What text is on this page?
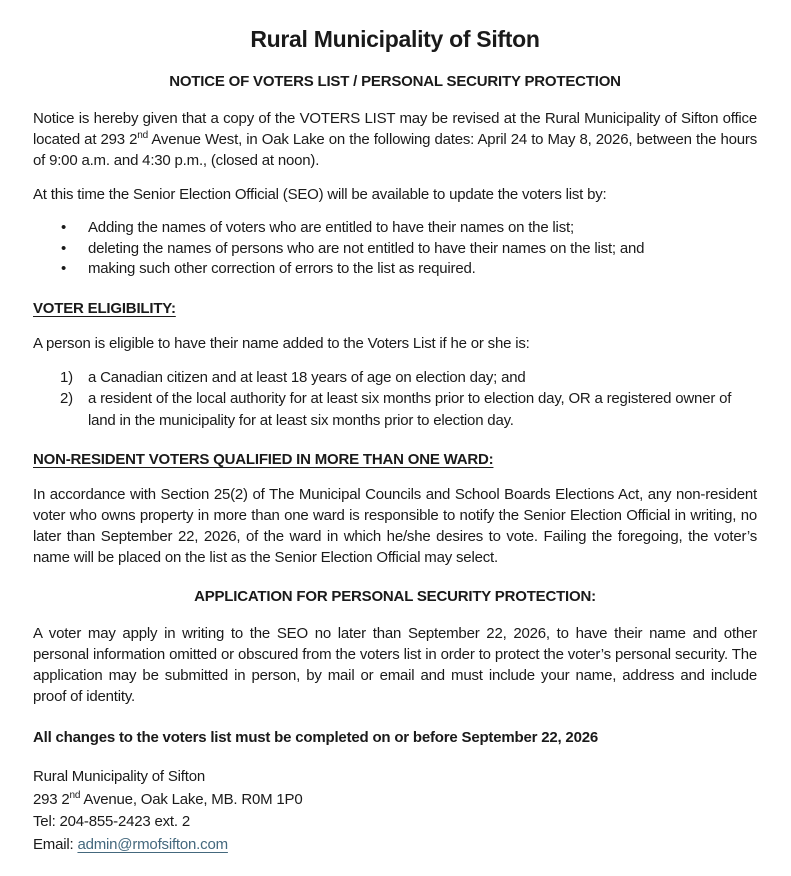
Rural Municipality of Sifton
NOTICE OF VOTERS LIST / PERSONAL SECURITY PROTECTION

Notice is hereby given that a copy of the VOTERS LIST may be revised at the Rural Municipality of Sifton office located at 293 2nd Avenue West, in Oak Lake on the following dates: April 24 to May 8, 2026, between the hours of 9:00 a.m. and 4:30 p.m., (closed at noon).

At this time the Senior Election Official (SEO) will be available to update the voters list by:

• Adding the names of voters who are entitled to have their names on the list;
• deleting the names of persons who are not entitled to have their names on the list; and
• making such other correction of errors to the list as required.
VOTER ELIGIBILITY:

A person is eligible to have their name added to the Voters List if he or she is:

a Canadian citizen and at least 18 years of age on election day; and
a resident of the local authority for at least six months prior to election day, OR a registered owner of land in the municipality for at least six months prior to election day.
NON-RESIDENT VOTERS QUALIFIED IN MORE THAN ONE WARD:

In accordance with Section 25(2) of The Municipal Councils and School Boards Elections Act, any non-resident voter who owns property in more than one ward is responsible to notify the Senior Election Official in writing, no later than September 22, 2026, of the ward in which he/she desires to vote. Failing the foregoing, the voter’s name will be placed on the list as the Senior Election Official may select.

APPLICATION FOR PERSONAL SECURITY PROTECTION:

A voter may apply in writing to the SEO no later than September 22, 2026, to have their name and other personal information omitted or obscured from the voters list in order to protect the voter’s personal security. The application may be submitted in person, by mail or email and must include your name, address and include proof of identity.

All changes to the voters list must be completed on or before September 22, 2026

Rural Municipality of Sifton
293 2nd Avenue, Oak Lake, MB. R0M 1P0
Tel: 204-855-2423 ext. 2
Email: admin@rmofsifton.com
